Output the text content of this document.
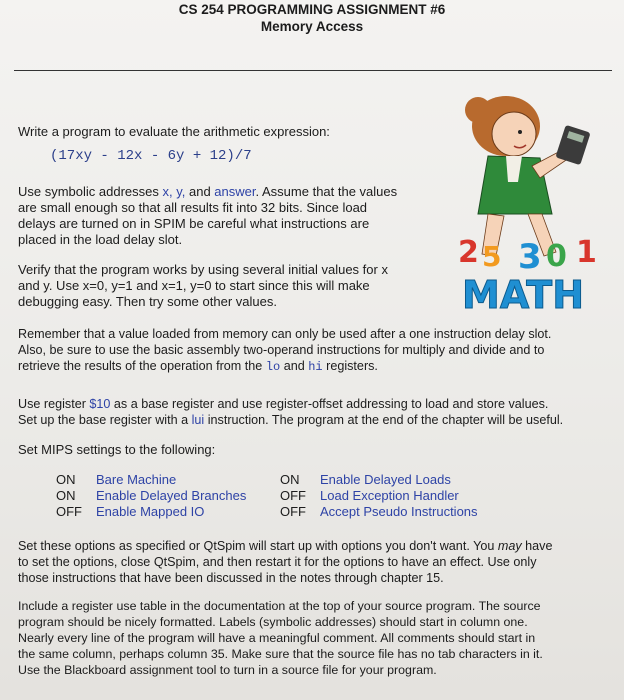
CS 254 PROGRAMMING ASSIGNMENT #6
Memory Access
Write a program to evaluate the arithmetic expression:
(17xy - 12x - 6y + 12)/7
Use symbolic addresses x, y, and answer. Assume that the values
are small enough so that all results fit into 32 bits. Since load
delays are turned on in SPIM be careful what instructions are
placed in the load delay slot.
Verify that the program works by using several initial values for x
and y. Use x=0, y=1 and x=1, y=0 to start since this will make
debugging easy. Then try some other values.
Remember that a value loaded from memory can only be used after a one instruction delay slot.
Also, be sure to use the basic assembly two-operand instructions for multiply and divide and to
retrieve the results of the operation from the lo and hi registers.
Use register $10 as a base register and use register-offset addressing to load and store values.
Set up the base register with a lui instruction. The program at the end of the chapter will be useful.
Set MIPS settings to the following:
ON Bare Machine
ON Enable Delayed Branches
OFF Enable Mapped IO
ON Enable Delayed Loads
OFF Load Exception Handler
OFF Accept Pseudo Instructions
Set these options as specified or QtSpim will start up with options you don't want. You may have
to set the options, close QtSpim, and then restart it for the options to have an effect. Use only
those instructions that have been discussed in the notes through chapter 15.
Include a register use table in the documentation at the top of your source program. The source
program should be nicely formatted. Labels (symbolic addresses) should start in column one.
Nearly every line of the program will have a meaningful comment. All comments should start in
the same column, perhaps column 35. Make sure that the source file has no tab characters in it.
Use the Blackboard assignment tool to turn in a source file for your program.
2 5 3 0 1
MATH
